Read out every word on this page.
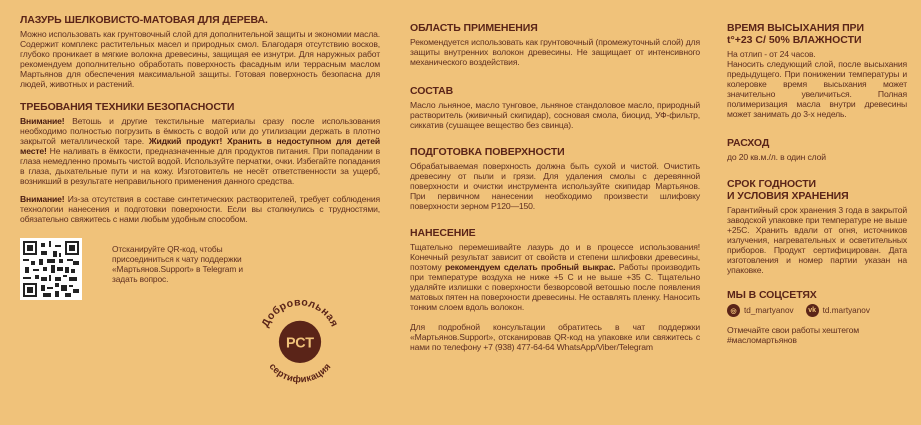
ЛАЗУРЬ ШЕЛКОВИСТО-МАТОВАЯ ДЛЯ ДЕРЕВА.

Можно использовать как грунтовочный слой для дополнительной защиты и экономии масла. Содержит комплекс растительных масел и природных смол. Благодаря отсутствию восков, глубоко проникает в мягкие волокна древесины, защищая ее изнутри. Для наружных работ рекомендуем дополнительно обработать поверхность фасадным или террасным маслом Мартьянов для обеспечения максимальной защиты. Готовая поверхность безопасна для людей, животных и растений.

ТРЕБОВАНИЯ ТЕХНИКИ БЕЗОПАСНОСТИ

Внимание! Ветошь и другие текстильные материалы сразу после использования необходимо полностью погрузить в ёмкость с водой или до утилизации держать в плотно закрытой металлической таре. Жидкий продукт! Хранить в недоступном для детей месте! Не наливать в ёмкости, предназначенные для продуктов питания. При попадании в глаза немедленно промыть чистой водой. Используйте перчатки, очки. Избегайте попадания в глаза, дыхательные пути и на кожу. Изготовитель не несёт ответственности за ущерб, возникший в результате неправильного применения данного средства.

Внимание! Из-за отсутствия в составе синтетических растворителей, требует соблюдения технологии нанесения и подготовки поверхности. Если вы столкнулись с трудностями, обязательно свяжитесь с нами любым удобным способом.

Отсканируйте QR-код, чтобы присоединиться к чату поддержки «Мартьянов.Support» в Telegram и задать вопрос.
Добровольная
РСТ
сертификация
ОБЛАСТЬ ПРИМЕНЕНИЯ

Рекомендуется использовать как грунтовочный (промежуточный слой) для защиты внутренних волокон древесины. Не защищает от интенсивного механического воздействия.

СОСТАВ

Масло льняное, масло тунговое, льняное стандоловое масло, природный растворитель (живичный скипидар), сосновая смола, биоцид, УФ-фильтр, сиккатив (сушащее вещество без свинца).

ПОДГОТОВКА ПОВЕРХНОСТИ

Обрабатываемая поверхность должна быть сухой и чистой. Очистить древесину от пыли и грязи. Для удаления смолы с деревянной поверхности и очистки инструмента используйте скипидар Мартьянов. При первичном нанесении необходимо произвести шлифовку поверхности зерном P120—150.

НАНЕСЕНИЕ

Тщательно перемешивайте лазурь до и в процессе использования! Конечный результат зависит от свойств и степени шлифовки древесины, поэтому рекомендуем сделать пробный выкрас. Работы производить при температуре воздуха не ниже +5 С и не выше +35 С. Тщательно удаляйте излишки с поверхности безворсовой ветошью после появления матовых пятен на поверхности древесины. Не оставлять пленку. Наносить тонким слоем вдоль волокон.

Для подробной консультации обратитесь в чат поддержки «Мартьянов.Support», отсканировав QR-код на упаковке или свяжитесь с нами по телефону +7 (938) 477-64-64 WhatsApp/Viber/Telegram

ВРЕМЯ ВЫСЫХАНИЯ ПРИ
t°+23 С/ 50% ВЛАЖНОСТИ

На отлип - от 24 часов.

Наносить следующий слой, после высыхания предыдущего. При понижении температуры и колеровке время высыхания может значительно увеличиться. Полная полимеризация масла внутри древесины может занимать до 3-х недель.

РАСХОД

до 20 кв.м./л. в один слой

СРОК ГОДНОСТИ
И УСЛОВИЯ ХРАНЕНИЯ

Гарантийный срок хранения 3 года в закрытой заводской упаковке при температуре не выше +25С. Хранить вдали от огня, источников излучения, нагревательных и осветительных приборов. Продукт сертифицирован. Дата изготовления и номер партии указан на упаковке.

МЫ В СОЦСЕТЯХ
◎ td_martyanov	vk td.martyanov

Отмечайте свои работы хештегом #масломартьянов
